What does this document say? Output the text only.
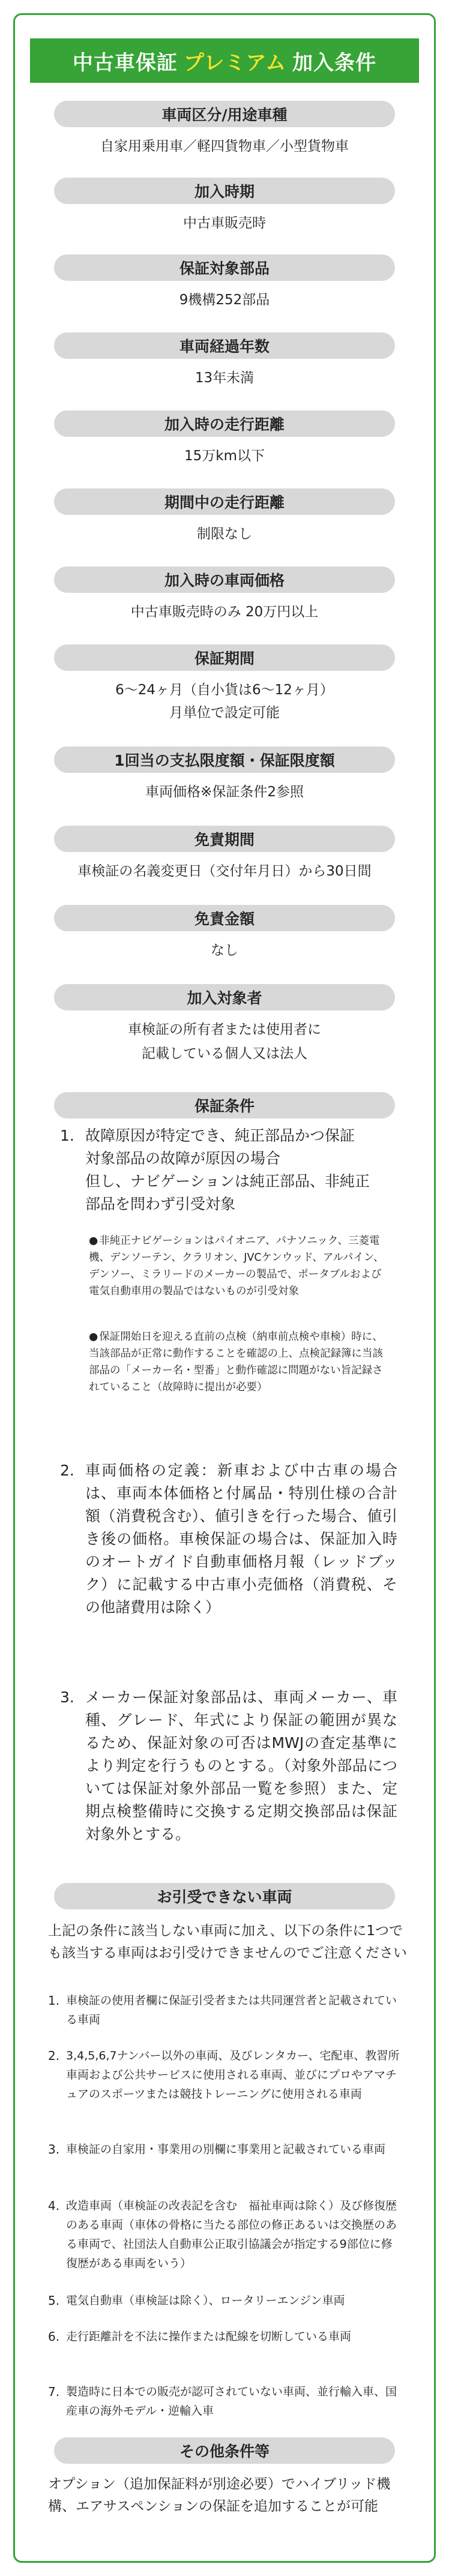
中古車保証 プレミアム 加入条件
車両区分/用途車種
自家用乗用車／軽四貨物車／小型貨物車
加入時期
中古車販売時
保証対象部品
9機構252部品
車両経過年数
13年未満
加入時の走行距離
15万km以下
期間中の走行距離
制限なし
加入時の車両価格
中古車販売時のみ 20万円以上
保証期間
6～24ヶ月（自小貨は6～12ヶ月）
月単位で設定可能
1回当の支払限度額・保証限度額
車両価格※保証条件2参照
免責期間
車検証の名義変更日（交付年月日）から30日間
免責金額
なし
加入対象者
車検証の所有者または使用者に
記載している個人又は法人
保証条件
1. 故障原因が特定でき、純正部品かつ保証
対象部品の故障が原因の場合
但し、ナビゲーションは純正部品、非純正
部品を問わず引受対象
● 非純正ナビゲーションはパイオニア、パナソニック、三菱電機、デンソーテン、クラリオン、JVCケンウッド、アルパイン、デンソー、ミラリードのメーカーの製品で、ポータブルおよび電気自動車用の製品ではないものが引受対象
● 保証開始日を迎える直前の点検（納車前点検や車検）時に、当該部品が正常に動作することを確認の上、点検記録簿に当該部品の「メーカー名・型番」と動作確認に問題がない旨記録されていること（故障時に提出が必要）
2. 車両価格の定義：新車および中古車の場合は、車両本体価格と付属品・特別仕様の合計額（消費税含む）、値引きを行った場合、値引き後の価格。車検保証の場合は、保証加入時のオートガイド自動車価格月報（レッドブック）に記載する中古車小売価格（消費税、その他諸費用は除く）
3. メーカー保証対象部品は、車両メーカー、車種、グレード、年式により保証の範囲が異なるため、保証対象の可否はMWJの査定基準により判定を行うものとする。（対象外部品については保証対象外部品一覧を参照）また、定期点検整備時に交換する定期交換部品は保証対象外とする。
お引受できない車両
上記の条件に該当しない車両に加え、以下の条件に1つでも該当する車両はお引受けできませんのでご注意ください
1. 車検証の使用者欄に保証引受者または共同運営者と記載されている車両
2. 3,4,5,6,7ナンバー以外の車両、及びレンタカー、宅配車、教習所車両および公共サービスに使用される車両、並びにプロやアマチュアのスポーツまたは競技トレーニングに使用される車両
3. 車検証の自家用・事業用の別欄に事業用と記載されている車両
4. 改造車両（車検証の改表記を含む　福祉車両は除く）及び修復歴のある車両（車体の骨格に当たる部位の修正あるいは交換歴のある車両で、社団法人自動車公正取引協議会が指定する9部位に修復歴がある車両をいう）
5. 電気自動車（車検証は除く）、ロータリーエンジン車両
6. 走行距離計を不法に操作または配線を切断している車両
7. 製造時に日本での販売が認可されていない車両、並行輸入車、国産車の海外モデル・逆輸入車
その他条件等
オプション（追加保証料が別途必要）でハイブリッド機構、エアサスペンションの保証を追加することが可能
